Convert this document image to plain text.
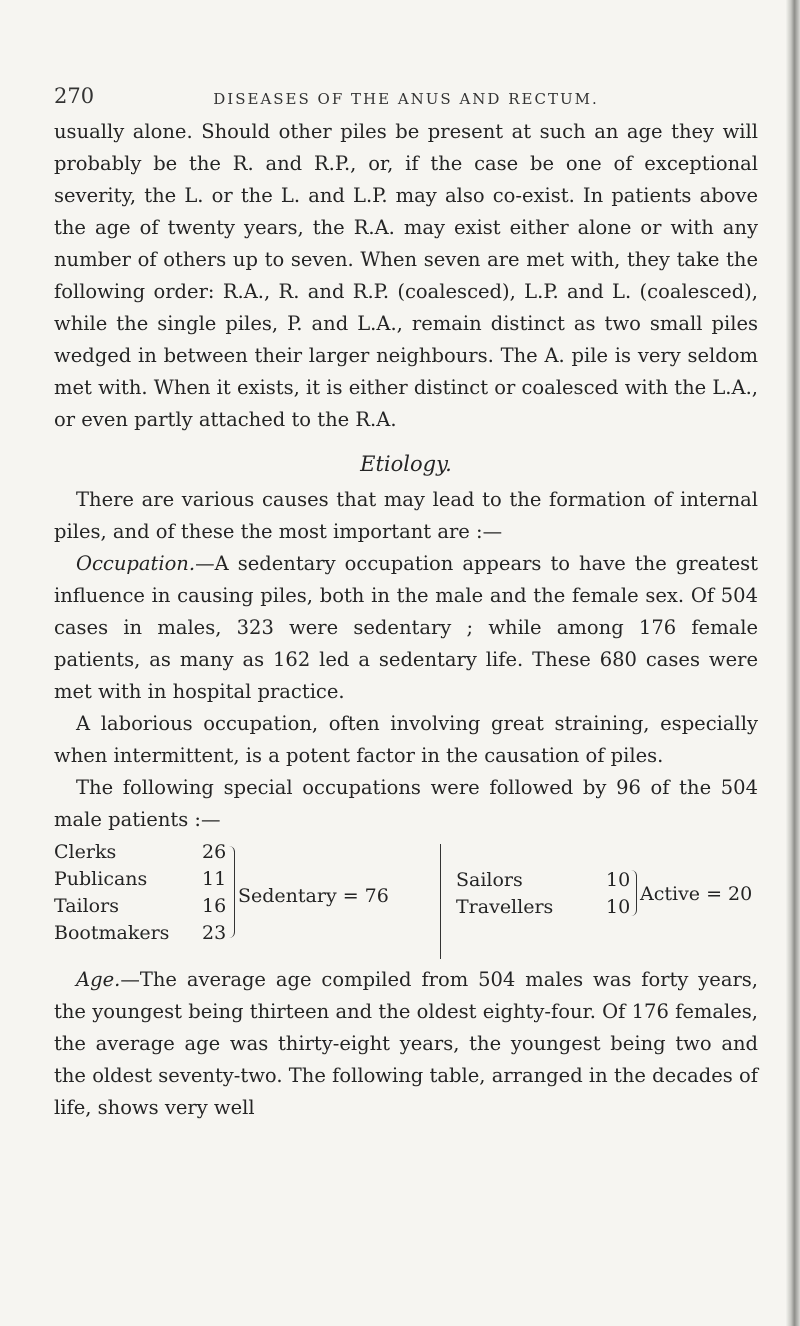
270	DISEASES OF THE ANUS AND RECTUM.

usually alone. Should other piles be present at such an age they will probably be the R. and R.P., or, if the case be one of exceptional severity, the L. or the L. and L.P. may also co-exist. In patients above the age of twenty years, the R.A. may exist either alone or with any number of others up to seven. When seven are met with, they take the following order: R.A., R. and R.P. (coalesced), L.P. and L. (coalesced), while the single piles, P. and L.A., remain distinct as two small piles wedged in between their larger neighbours. The A. pile is very seldom met with. When it exists, it is either distinct or coalesced with the L.A., or even partly attached to the R.A.

Etiology.

There are various causes that may lead to the formation of internal piles, and of these the most important are :—

Occupation.—A sedentary occupation appears to have the greatest influence in causing piles, both in the male and the female sex. Of 504 cases in males, 323 were sedentary ; while among 176 female patients, as many as 162 led a sedentary life. These 680 cases were met with in hospital practice.

A laborious occupation, often involving great straining, especially when intermittent, is a potent factor in the causation of piles.

The following special occupations were followed by 96 of the 504 male patients :—

Clerks	26
Publicans	11
Tailors	16
Bootmakers 23
Sedentary = 76
Sailors	10
Travellers	10
Active = 20

Age.—The average age compiled from 504 males was forty years, the youngest being thirteen and the oldest eighty-four. Of 176 females, the average age was thirty-eight years, the youngest being two and the oldest seventy-two. The following table, arranged in the decades of life, shows very well
